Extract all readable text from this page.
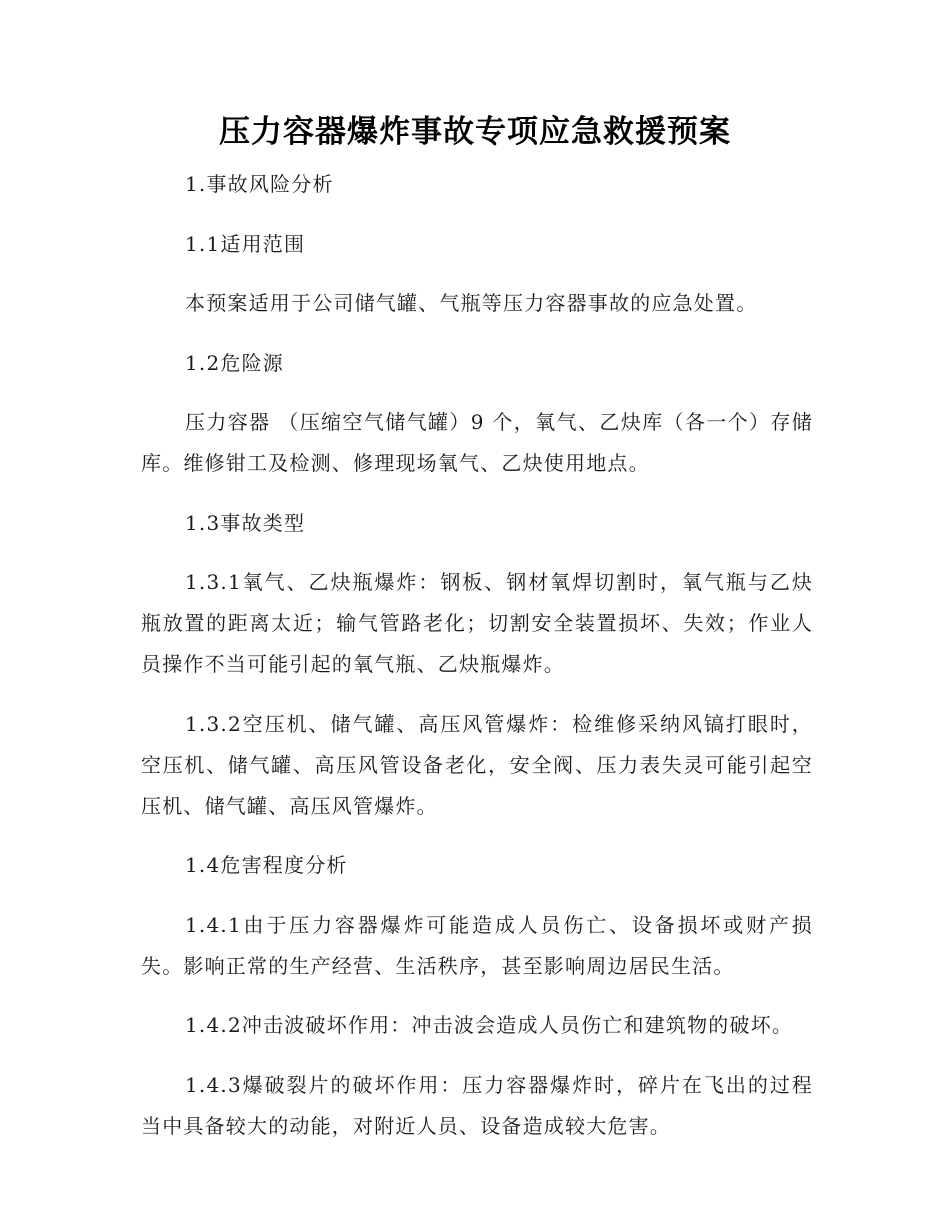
压力容器爆炸事故专项应急救援预案

1.事故风险分析

1.1适用范围

本预案适用于公司储气罐、气瓶等压力容器事故的应急处置。

1.2危险源

压力容器 （压缩空气储气罐）9 个，氧气、乙炔库（各一个）存储库。维修钳工及检测、修理现场氧气、乙炔使用地点。

1.3事故类型

1.3.1氧气、乙炔瓶爆炸：钢板、钢材氧焊切割时，氧气瓶与乙炔瓶放置的距离太近；输气管路老化；切割安全装置损坏、失效；作业人员操作不当可能引起的氧气瓶、乙炔瓶爆炸。

1.3.2空压机、储气罐、高压风管爆炸：检维修采纳风镐打眼时，空压机、储气罐、高压风管设备老化，安全阀、压力表失灵可能引起空压机、储气罐、高压风管爆炸。

1.4危害程度分析

1.4.1由于压力容器爆炸可能造成人员伤亡、设备损坏或财产损失。影响正常的生产经营、生活秩序，甚至影响周边居民生活。

1.4.2冲击波破坏作用：冲击波会造成人员伤亡和建筑物的破坏。

1.4.3爆破裂片的破坏作用：压力容器爆炸时，碎片在飞出的过程当中具备较大的动能，对附近人员、设备造成较大危害。
